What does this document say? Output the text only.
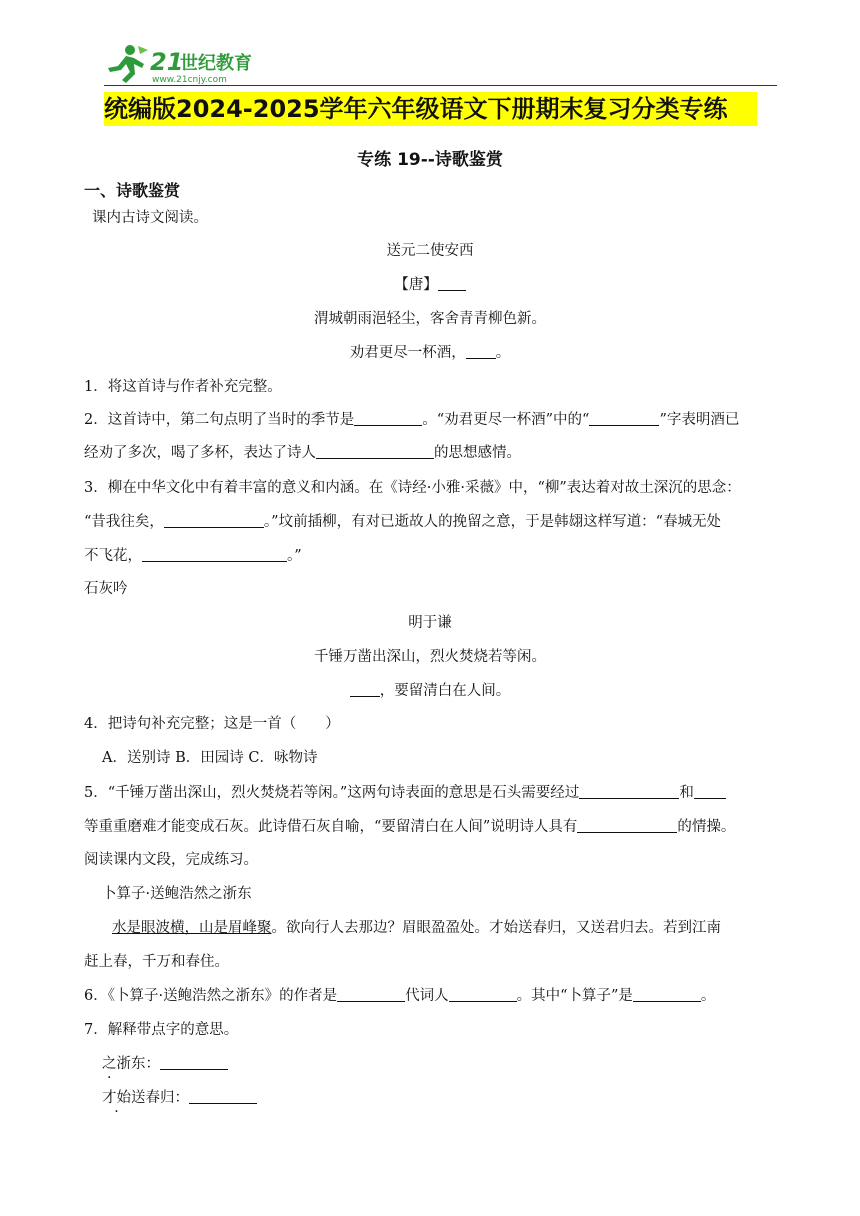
21
世纪教育
www.21cnjy.com
统编版2024-2025学年六年级语文下册期末复习分类专练
专练 19--诗歌鉴赏
一、诗歌鉴赏
课内古诗文阅读。
送元二使安西
【唐】
渭城朝雨浥轻尘，客舍青青柳色新。
劝君更尽一杯酒， 。
1．将这首诗与作者补充完整。
2．这首诗中，第二句点明了当时的季节是	。“劝君更尽一杯酒”中的“	”字表明酒已
经劝了多次，喝了多杯，表达了诗人	的思想感情。
3．柳在中华文化中有着丰富的意义和内涵。在《诗经·小雅·采薇》中，“柳”表达着对故土深沉的思念：
“昔我往矣，	。”坟前插柳，有对已逝故人的挽留之意，于是韩翃这样写道：“春城无处
不飞花，	。”
石灰吟
明于谦
千锤万凿出深山，烈火焚烧若等闲。
，要留清白在人间。
4．把诗句补充完整；这是一首（　　）
A．送别诗 B．田园诗 C．咏物诗
5．“千锤万凿出深山，烈火焚烧若等闲。”这两句诗表面的意思是石头需要经过	和
等重重磨难才能变成石灰。此诗借石灰自喻，“要留清白在人间”说明诗人具有	的情操。
阅读课内文段，完成练习。
卜算子·送鲍浩然之浙东
水是眼波横，山是眉峰聚。欲向行人去那边？眉眼盈盈处。才始送春归，又送君归去。若到江南
赶上春，千万和春住。
6．《卜算子·送鲍浩然之浙东》的作者是	代词人	。其中“卜算子”是	。
7．解释带点字的意思。
之浙东：
才始送春归：
